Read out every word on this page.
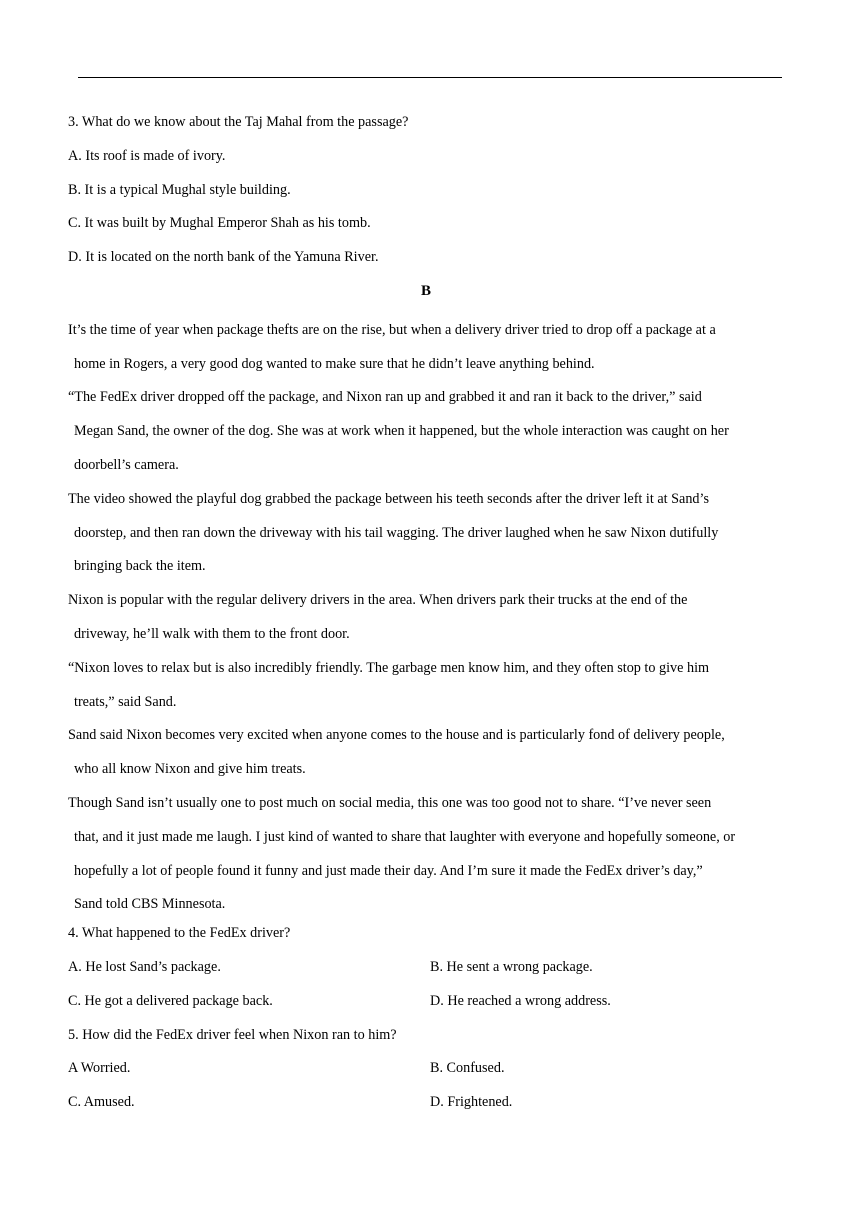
3. What do we know about the Taj Mahal from the passage?
A. Its roof is made of ivory.
B. It is a typical Mughal style building.
C. It was built by Mughal Emperor Shah as his tomb.
D. It is located on the north bank of the Yamuna River.
B
It’s the time of year when package thefts are on the rise, but when a delivery driver tried to drop off a package at a
home in Rogers, a very good dog wanted to make sure that he didn’t leave anything behind.
“The FedEx driver dropped off the package, and Nixon ran up and grabbed it and ran it back to the driver,” said
Megan Sand, the owner of the dog. She was at work when it happened, but the whole interaction was caught on her
doorbell’s camera.
The video showed the playful dog grabbed the package between his teeth seconds after the driver left it at Sand’s
doorstep, and then ran down the driveway with his tail wagging. The driver laughed when he saw Nixon dutifully
bringing back the item.
Nixon is popular with the regular delivery drivers in the area. When drivers park their trucks at the end of the
driveway, he’ll walk with them to the front door.
“Nixon loves to relax but is also incredibly friendly. The garbage men know him, and they often stop to give him
treats,” said Sand.
Sand said Nixon becomes very excited when anyone comes to the house and is particularly fond of delivery people,
who all know Nixon and give him treats.
Though Sand isn’t usually one to post much on social media, this one was too good not to share. “I’ve never seen
that, and it just made me laugh. I just kind of wanted to share that laughter with everyone and hopefully someone, or
hopefully a lot of people found it funny and just made their day. And I’m sure it made the FedEx driver’s day,”
Sand told CBS Minnesota.
4. What happened to the FedEx driver?
A. He lost Sand’s package.	B. He sent a wrong package.
C. He got a delivered package back.	D. He reached a wrong address.
5. How did the FedEx driver feel when Nixon ran to him?
A Worried.	B. Confused.
C. Amused.	D. Frightened.
